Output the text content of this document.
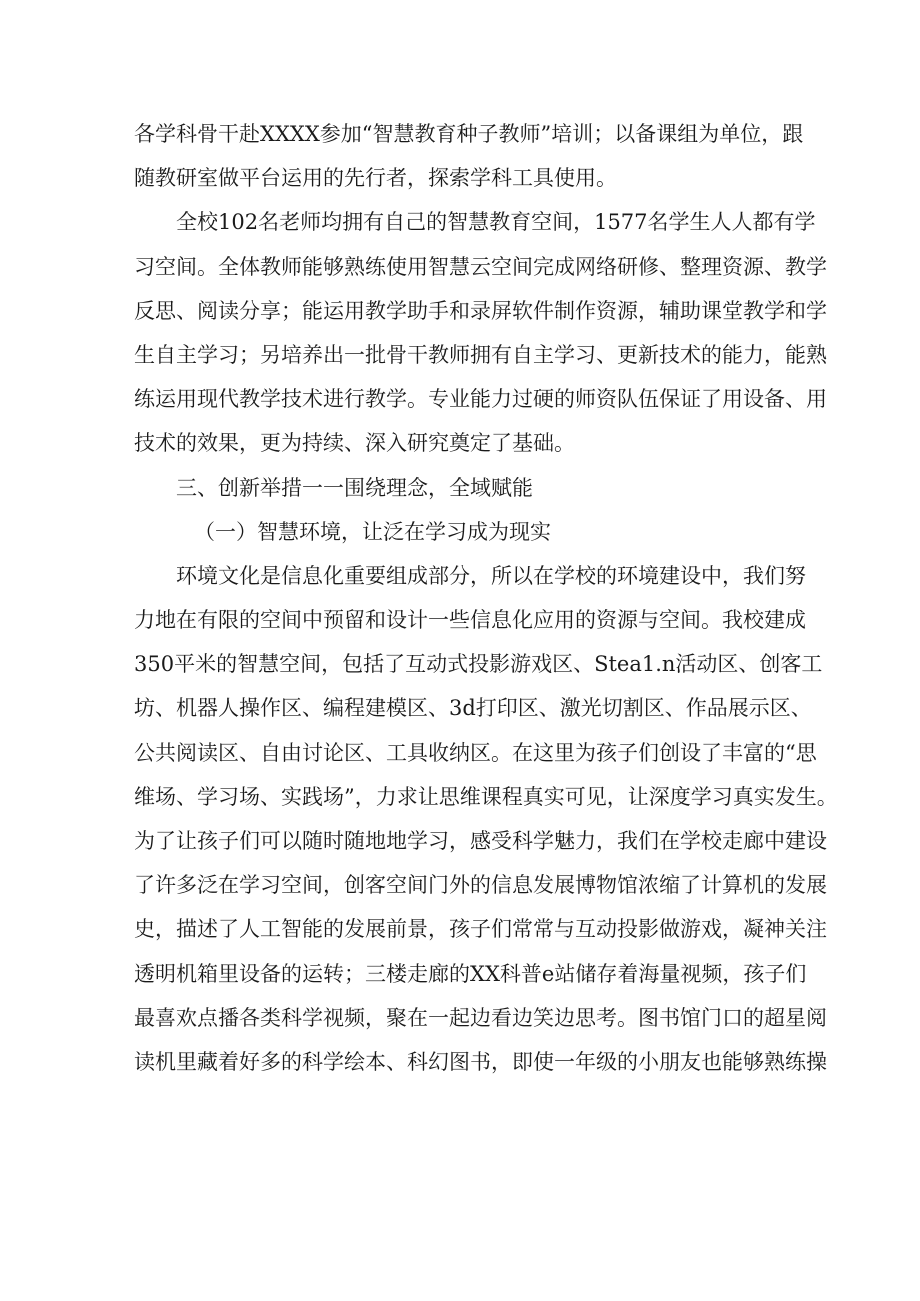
各学科骨干赴XXXX参加“智慧教育种子教师”培训；以备课组为单位，跟
随教研室做平台运用的先行者，探索学科工具使用。
全校102名老师均拥有自己的智慧教育空间，1577名学生人人都有学
习空间。全体教师能够熟练使用智慧云空间完成网络研修、整理资源、教学
反思、阅读分享；能运用教学助手和录屏软件制作资源，辅助课堂教学和学
生自主学习；另培养出一批骨干教师拥有自主学习、更新技术的能力，能熟
练运用现代教学技术进行教学。专业能力过硬的师资队伍保证了用设备、用
技术的效果，更为持续、深入研究奠定了基础。
三、创新举措一一围绕理念，全域赋能
（一）智慧环境，让泛在学习成为现实
环境文化是信息化重要组成部分，所以在学校的环境建设中，我们努
力地在有限的空间中预留和设计一些信息化应用的资源与空间。我校建成
350平米的智慧空间，包括了互动式投影游戏区、Stea1.n活动区、创客工
坊、机器人操作区、编程建模区、3d打印区、激光切割区、作品展示区、
公共阅读区、自由讨论区、工具收纳区。在这里为孩子们创设了丰富的“思
维场、学习场、实践场”，力求让思维课程真实可见，让深度学习真实发生。
为了让孩子们可以随时随地地学习，感受科学魅力，我们在学校走廊中建设
了许多泛在学习空间，创客空间门外的信息发展博物馆浓缩了计算机的发展
史，描述了人工智能的发展前景，孩子们常常与互动投影做游戏，凝神关注
透明机箱里设备的运转；三楼走廊的XX科普e站储存着海量视频，孩子们
最喜欢点播各类科学视频，聚在一起边看边笑边思考。图书馆门口的超星阅
读机里藏着好多的科学绘本、科幻图书，即使一年级的小朋友也能够熟练操
